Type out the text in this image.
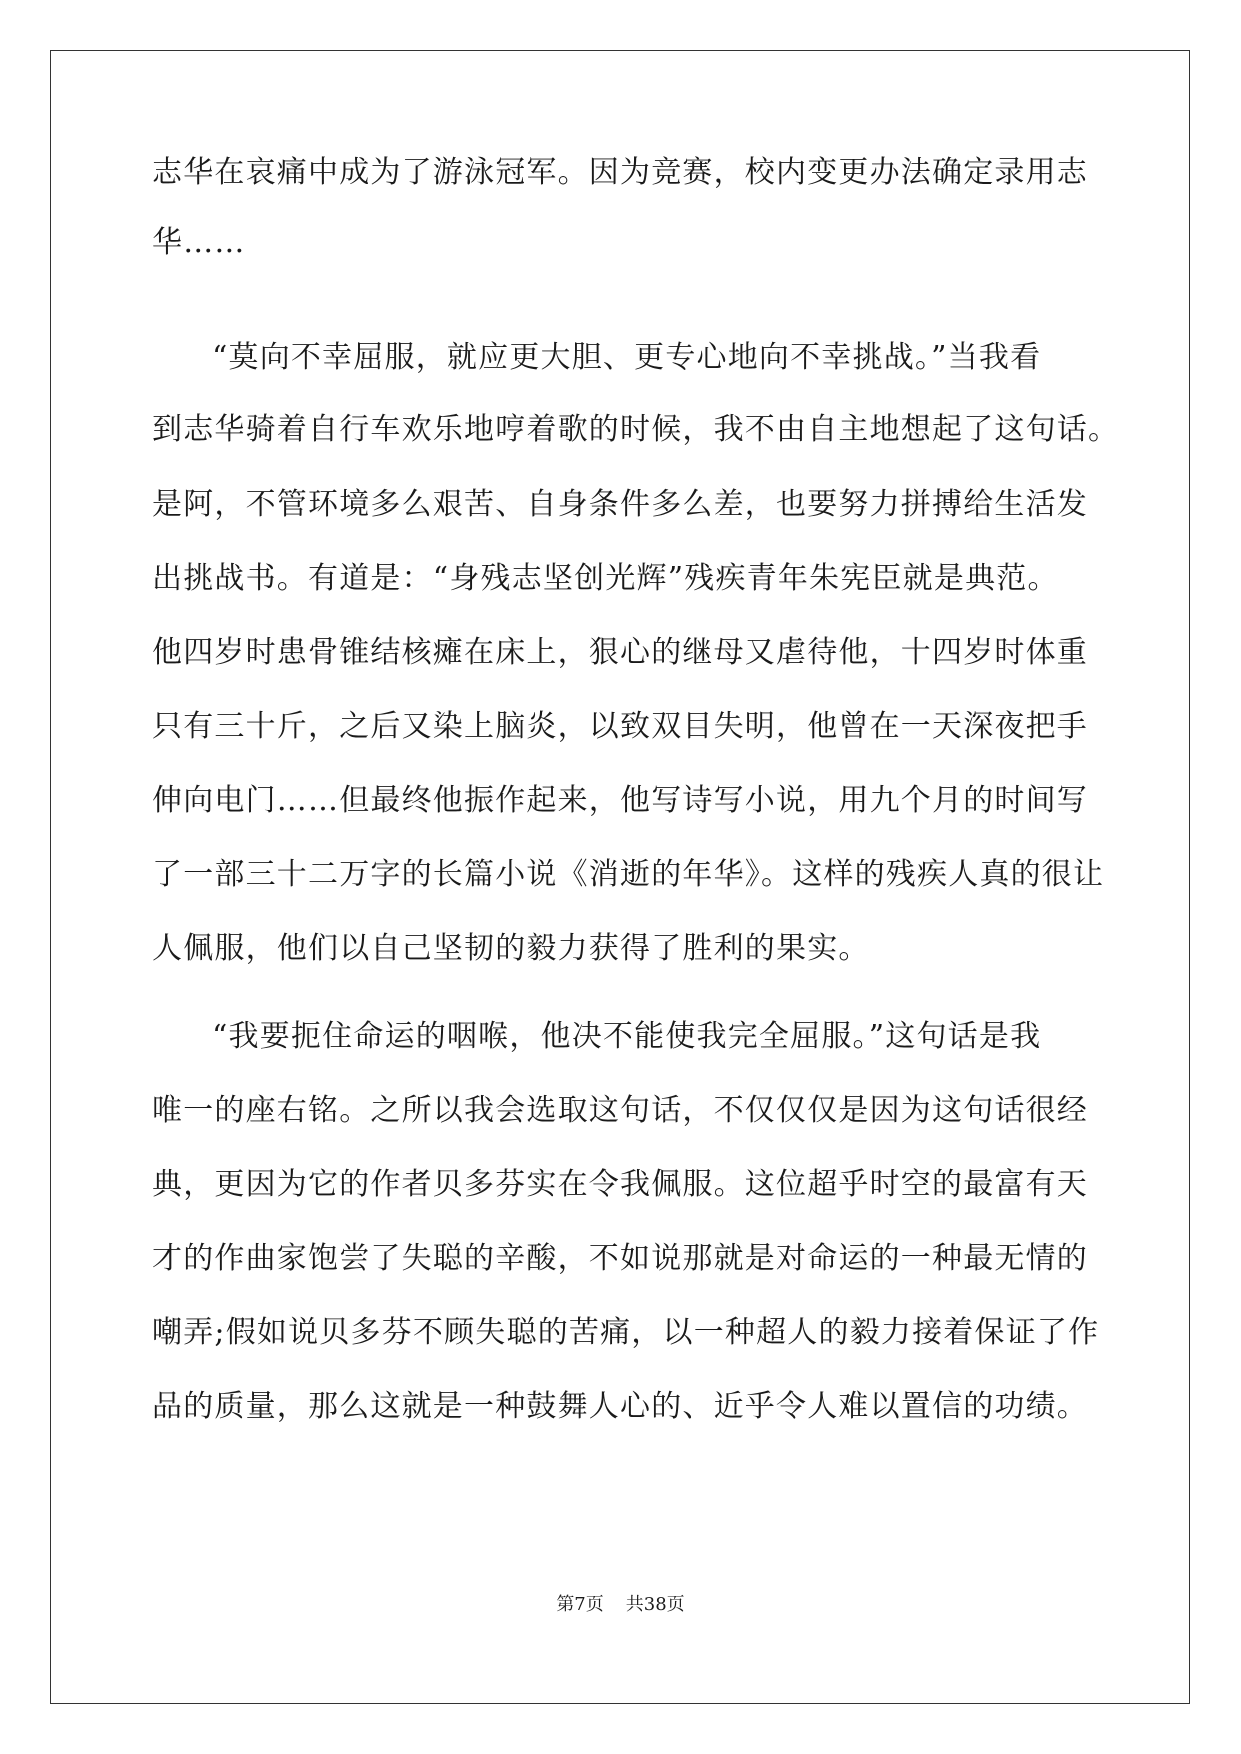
志华在哀痛中成为了游泳冠军。因为竞赛，校内变更办法确定录用志
华……
“莫向不幸屈服，就应更大胆、更专心地向不幸挑战。”当我看
到志华骑着自行车欢乐地哼着歌的时候，我不由自主地想起了这句话。
是阿，不管环境多么艰苦、自身条件多么差，也要努力拼搏给生活发
出挑战书。有道是：“身残志坚创光辉”残疾青年朱宪臣就是典范。
他四岁时患骨锥结核瘫在床上，狠心的继母又虐待他，十四岁时体重
只有三十斤，之后又染上脑炎，以致双目失明，他曾在一天深夜把手
伸向电门……但最终他振作起来，他写诗写小说，用九个月的时间写
了一部三十二万字的长篇小说《消逝的年华》。这样的残疾人真的很让
人佩服，他们以自己坚韧的毅力获得了胜利的果实。
“我要扼住命运的咽喉，他决不能使我完全屈服。”这句话是我
唯一的座右铭。之所以我会选取这句话，不仅仅仅是因为这句话很经
典，更因为它的作者贝多芬实在令我佩服。这位超乎时空的最富有天
才的作曲家饱尝了失聪的辛酸，不如说那就是对命运的一种最无情的
嘲弄;假如说贝多芬不顾失聪的苦痛，以一种超人的毅力接着保证了作
品的质量，那么这就是一种鼓舞人心的、近乎令人难以置信的功绩。
第7页 共38页
